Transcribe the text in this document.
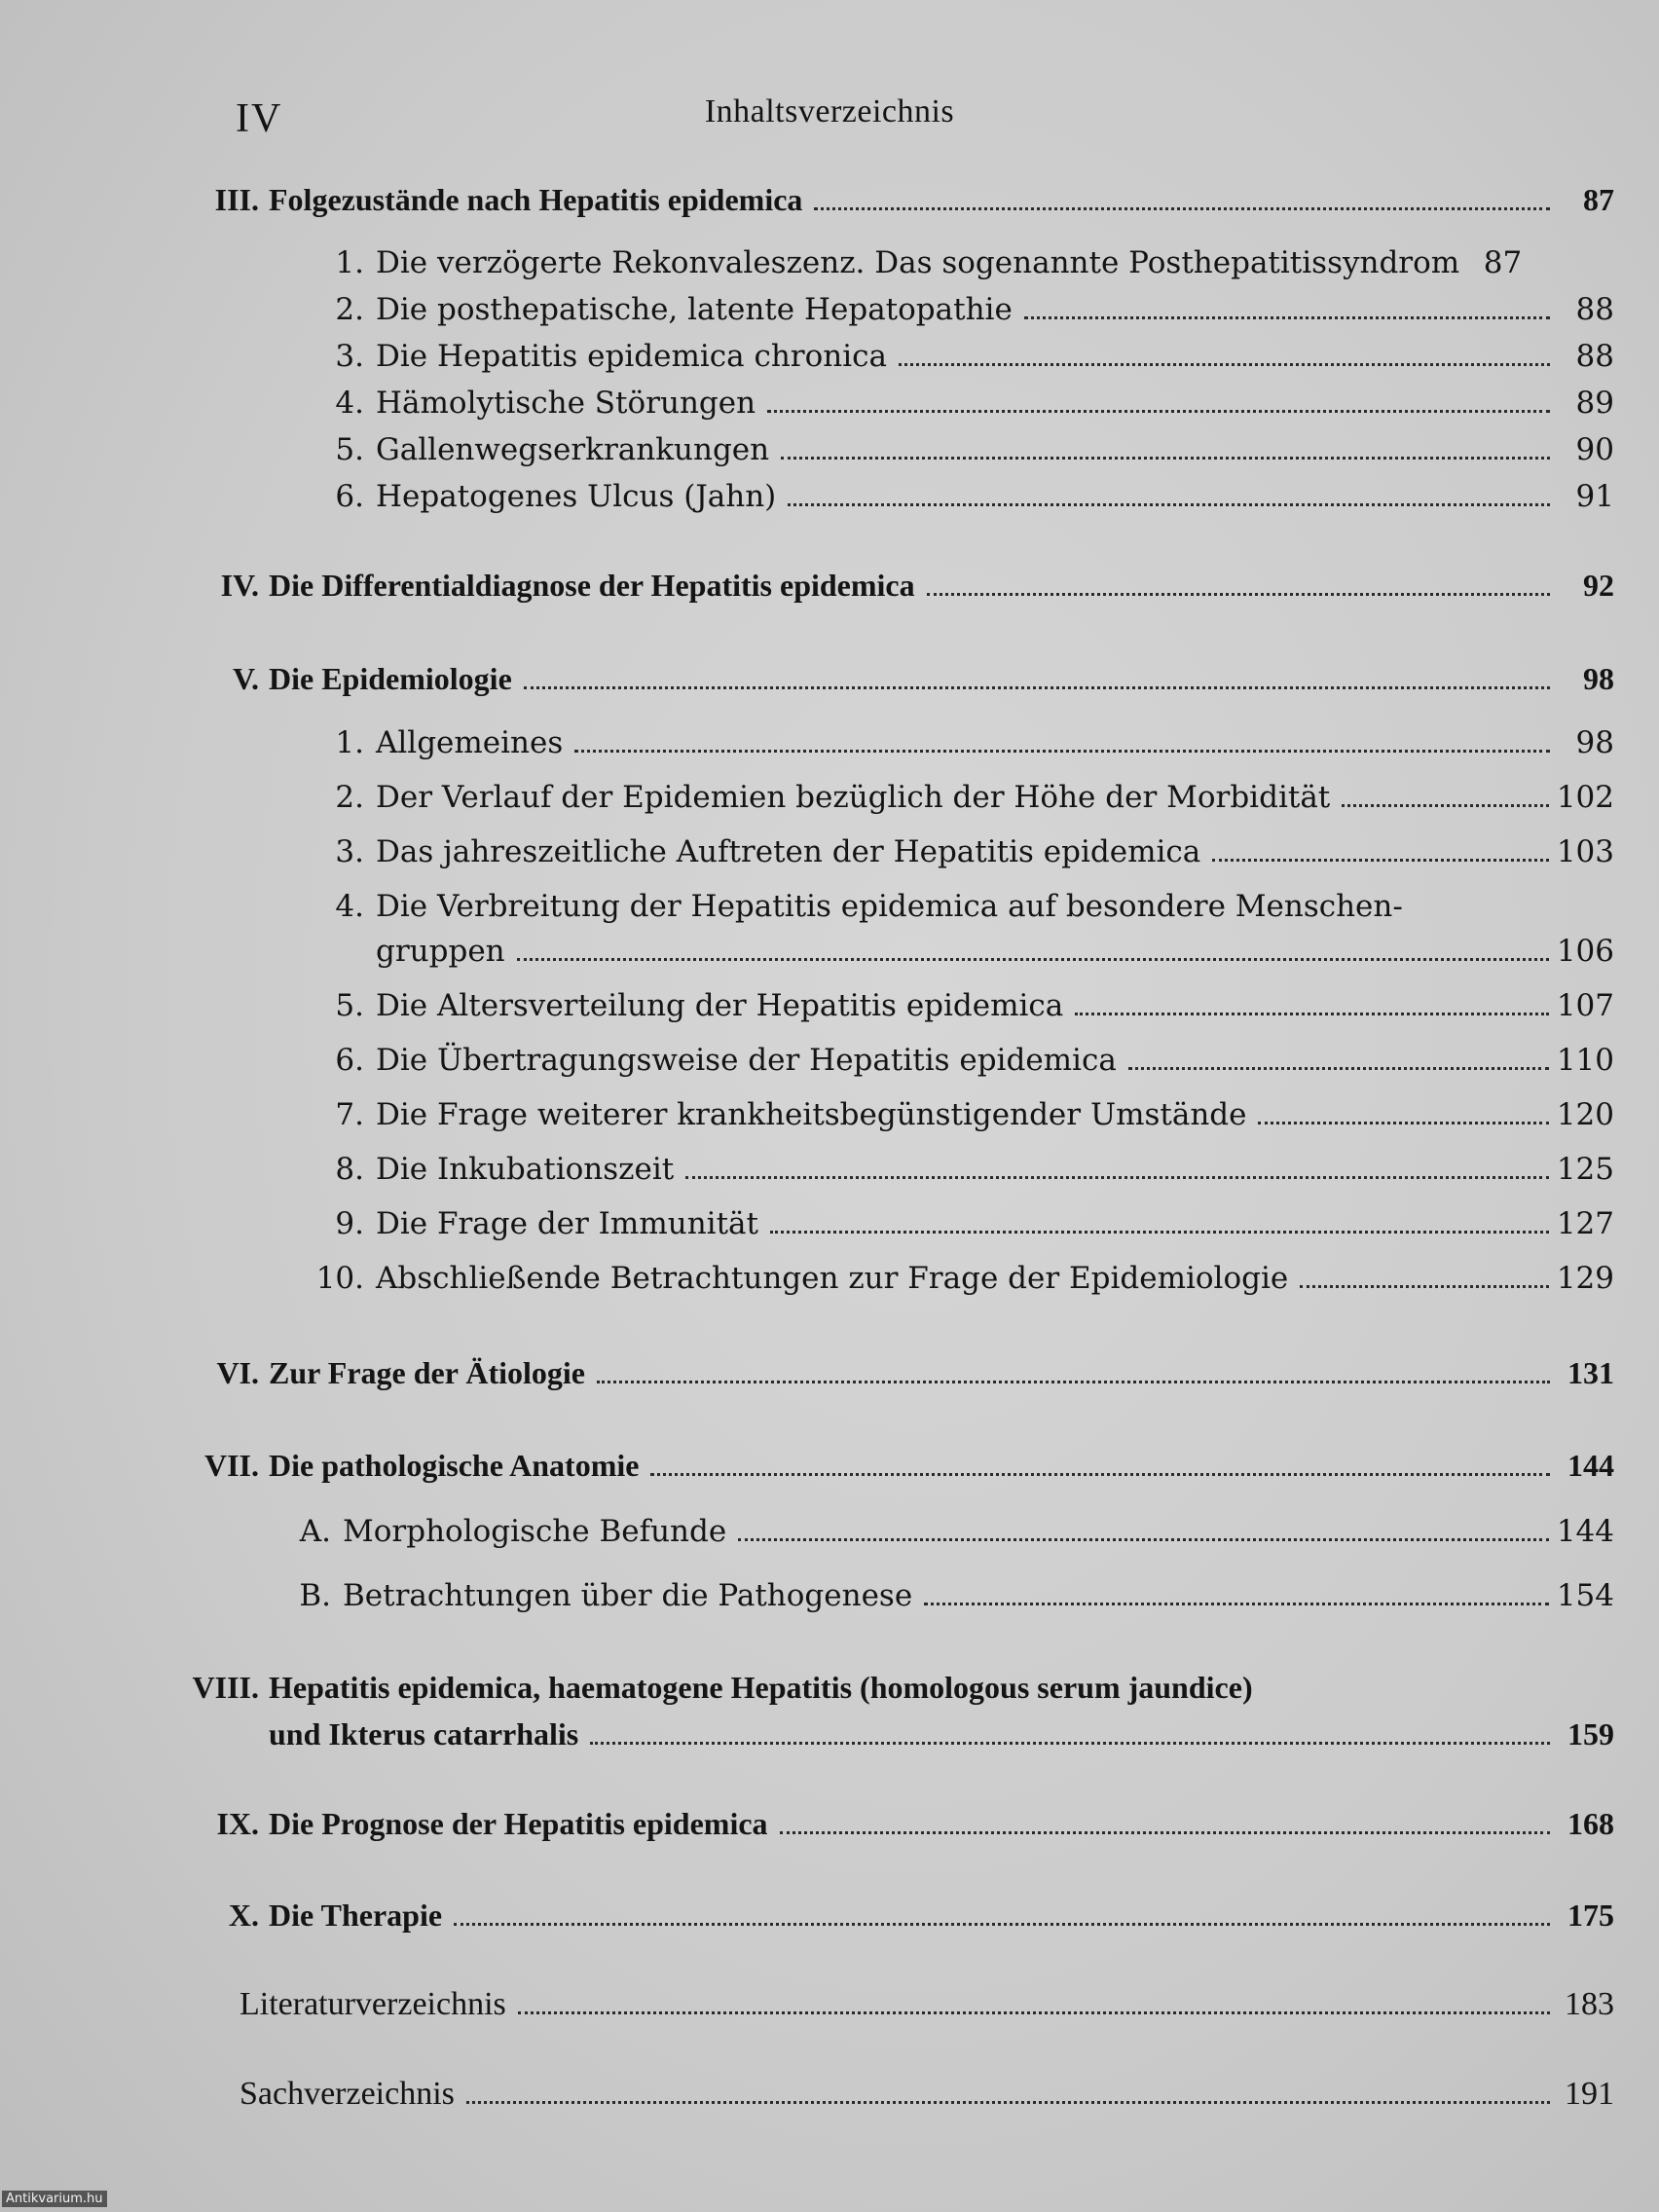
IV	Inhaltsverzeichnis
III. Folgezustände nach Hepatitis epidemica	87
1. Die verzögerte Rekonvaleszenz. Das sogenannte Posthepatitissyndrom 87
2. Die posthepatische, latente Hepatopathie	88
3. Die Hepatitis epidemica chronica	88
4. Hämolytische Störungen	89
5. Gallenwegserkrankungen	90
6. Hepatogenes Ulcus (Jahn)	91
IV. Die Differentialdiagnose der Hepatitis epidemica	92
V. Die Epidemiologie	98
1. Allgemeines	98
2. Der Verlauf der Epidemien bezüglich der Höhe der Morbidität	102
3. Das jahreszeitliche Auftreten der Hepatitis epidemica	103
4. Die Verbreitung der Hepatitis epidemica auf besondere Menschen-
gruppen	106
5. Die Altersverteilung der Hepatitis epidemica	107
6. Die Übertragungsweise der Hepatitis epidemica	110
7. Die Frage weiterer krankheitsbegünstigender Umstände	120
8. Die Inkubationszeit	125
9. Die Frage der Immunität	127
10. Abschließende Betrachtungen zur Frage der Epidemiologie	129
VI. Zur Frage der Ätiologie	131
VII. Die pathologische Anatomie	144
A. Morphologische Befunde	144
B. Betrachtungen über die Pathogenese	154
VIII. Hepatitis epidemica, haematogene Hepatitis (homologous serum jaundice)
und Ikterus catarrhalis	159
IX. Die Prognose der Hepatitis epidemica	168
X. Die Therapie	175
Literaturverzeichnis	183
Sachverzeichnis	191
Antikvarium.hu
